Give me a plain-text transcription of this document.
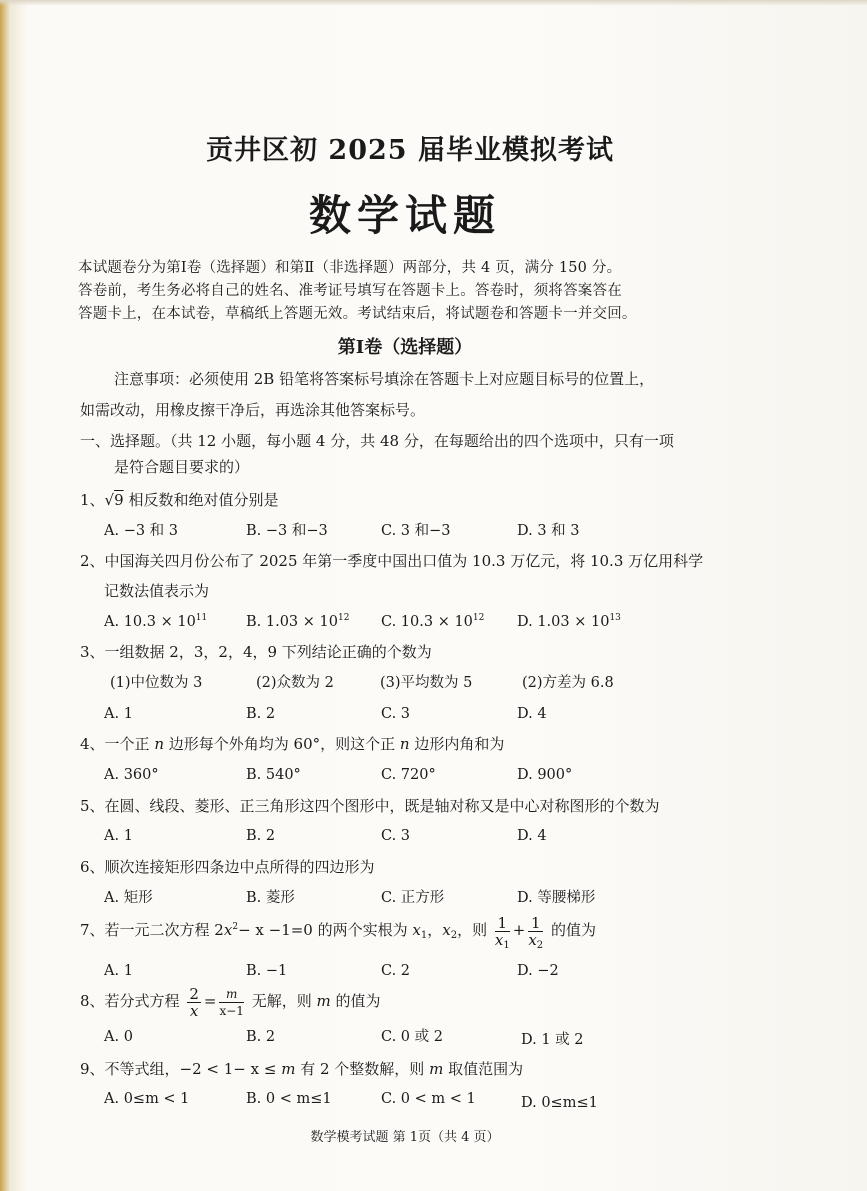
贡井区初 2025 届毕业模拟考试
数学试题
本试题卷分为第Ⅰ卷（选择题）和第Ⅱ（非选择题）两部分，共 4 页，满分 150 分。
答卷前，考生务必将自己的姓名、准考证号填写在答题卡上。答卷时，须将答案答在
答题卡上，在本试卷，草稿纸上答题无效。考试结束后，将试题卷和答题卡一并交回。
第Ⅰ卷（选择题）
注意事项：必须使用 2B 铅笔将答案标号填涂在答题卡上对应题目标号的位置上，
如需改动，用橡皮擦干净后，再选涂其他答案标号。
一、选择题。（共 12 小题，每小题 4 分，共 48 分，在每题给出的四个选项中，只有一项
是符合题目要求的）
1、√9 相反数和绝对值分别是
A. −3 和 3	B. −3 和−3	C. 3 和−3	D. 3 和 3
2、中国海关四月份公布了 2025 年第一季度中国出口值为 10.3 万亿元，将 10.3 万亿用科学
记数法值表示为
A. $10.3 \times 10^{11}$	B. $1.03 \times 10^{12}$ C. $10.3 \times 10^{12}$ D. $1.03 \times 10^{13}$
3、一组数据 2，3，2，4，9 下列结论正确的个数为
(1)中位数为 3	(2)众数为 2	(3)平均数为 5	(2)方差为 6.8
A. 1	B. 2	C. 3	D. 4
4、一个正 n 边形每个外角均为 60°，则这个正 n 边形内角和为
A. 360°	B. 540°	C. 720°	D. 900°
5、在圆、线段、菱形、正三角形这四个图形中，既是轴对称又是中心对称图形的个数为
A. 1	B. 2	C. 3	D. 4
6、顺次连接矩形四条边中点所得的四边形为
A. 矩形	B. 菱形	C. 正方形	D. 等腰梯形
7、若一元二次方程 $2x^2- x -1=0$ 的两个实根为 $x_1$，$x_2$，则 $\frac{1}{x_1} + \frac{1}{x_2}$ 的值为
A. 1	B. −1	C. 2	D. −2
8、若分式方程 $\frac{2}{x} = \frac{m}{x-1}$ 无解，则 m 的值为
A. 0	B. 2	C. 0 或 2	D. 1 或 2
9、不等式组，−2 < 1− x ≤ m 有 2 个整数解，则 m 取值范围为
A. 0≤m < 1	B. 0 < m≤1	C. 0 < m < 1	D. 0≤m≤1
数学模考试题 第 1页（共 4 页）
